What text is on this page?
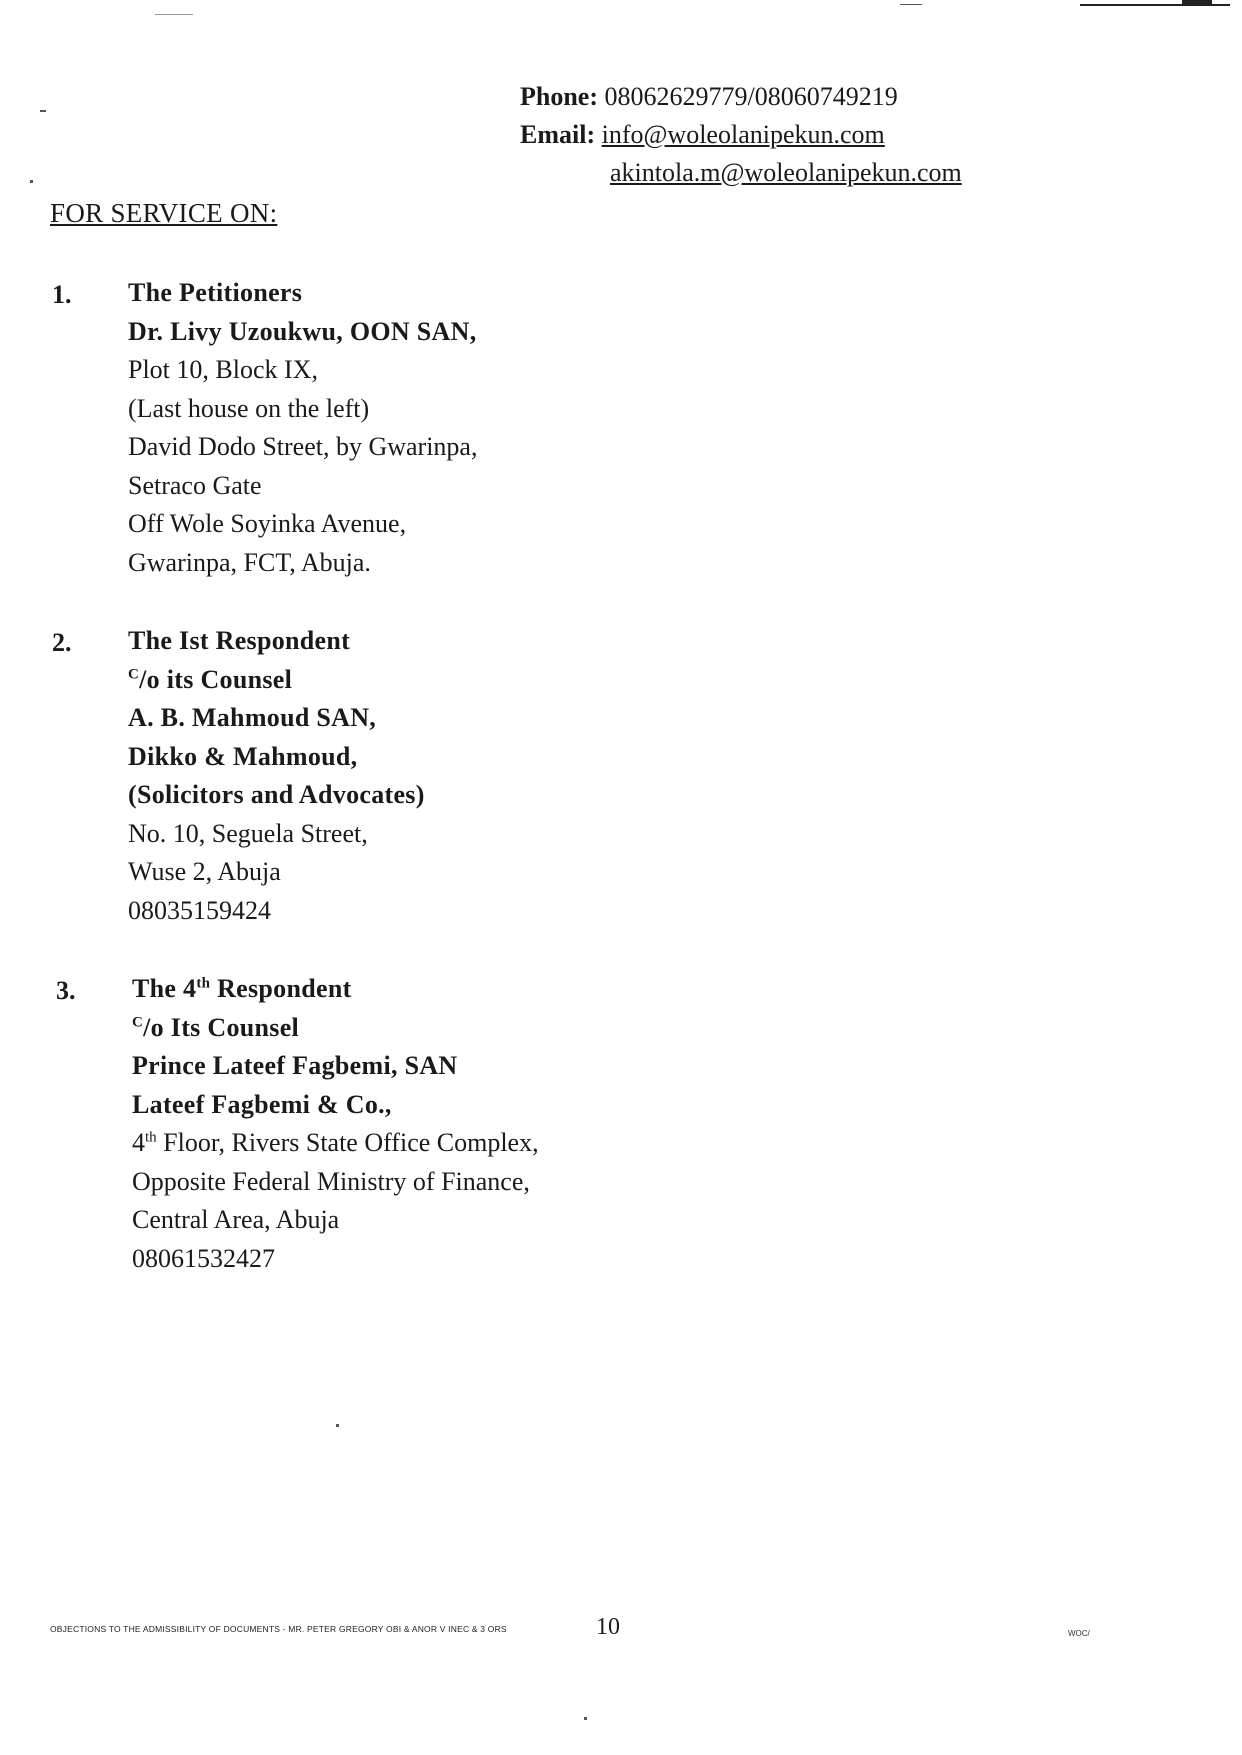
Phone: 08062629779/08060749219
Email: info@woleolanipekun.com
akintola.m@woleolanipekun.com
FOR SERVICE ON:
1. The Petitioners
Dr. Livy Uzoukwu, OON SAN,
Plot 10, Block IX,
(Last house on the left)
David Dodo Street, by Gwarinpa,
Setraco Gate
Off Wole Soyinka Avenue,
Gwarinpa, FCT, Abuja.
2. The Ist Respondent
$^C$/o its Counsel
A. B. Mahmoud SAN,
Dikko & Mahmoud,
(Solicitors and Advocates)
No. 10, Seguela Street,
Wuse 2, Abuja
08035159424
3. The 4th Respondent
$^C$/o Its Counsel
Prince Lateef Fagbemi, SAN
Lateef Fagbemi & Co.,
4th Floor, Rivers State Office Complex,
Opposite Federal Ministry of Finance,
Central Area, Abuja
08061532427
OBJECTIONS TO THE ADMISSIBILITY OF DOCUMENTS - MR. PETER GREGORY OBI & ANOR V INEC & 3 ORS	10	WOC/
